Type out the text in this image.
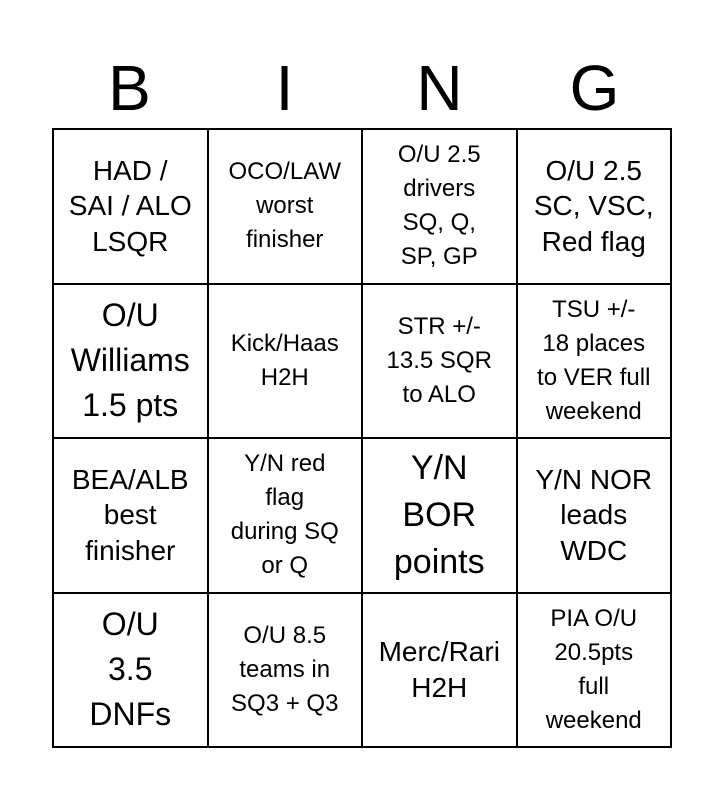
B	I	N	G
HAD /
SAI / ALO
LSQR
OCO/LAW
worst
finisher
O/U 2.5
drivers
SQ, Q,
SP, GP
O/U 2.5
SC, VSC,
Red flag
O/U
Williams
1.5 pts
Kick/Haas
H2H
STR +/-
13.5 SQR
to ALO
TSU +/-
18 places
to VER full
weekend
BEA/ALB
best
finisher
Y/N red
flag
during SQ
or Q
Y/N
BOR
points
Y/N NOR
leads
WDC
O/U
3.5
DNFs
O/U 8.5
teams in
SQ3 + Q3
Merc/Rari
H2H
PIA O/U
20.5pts
full
weekend
